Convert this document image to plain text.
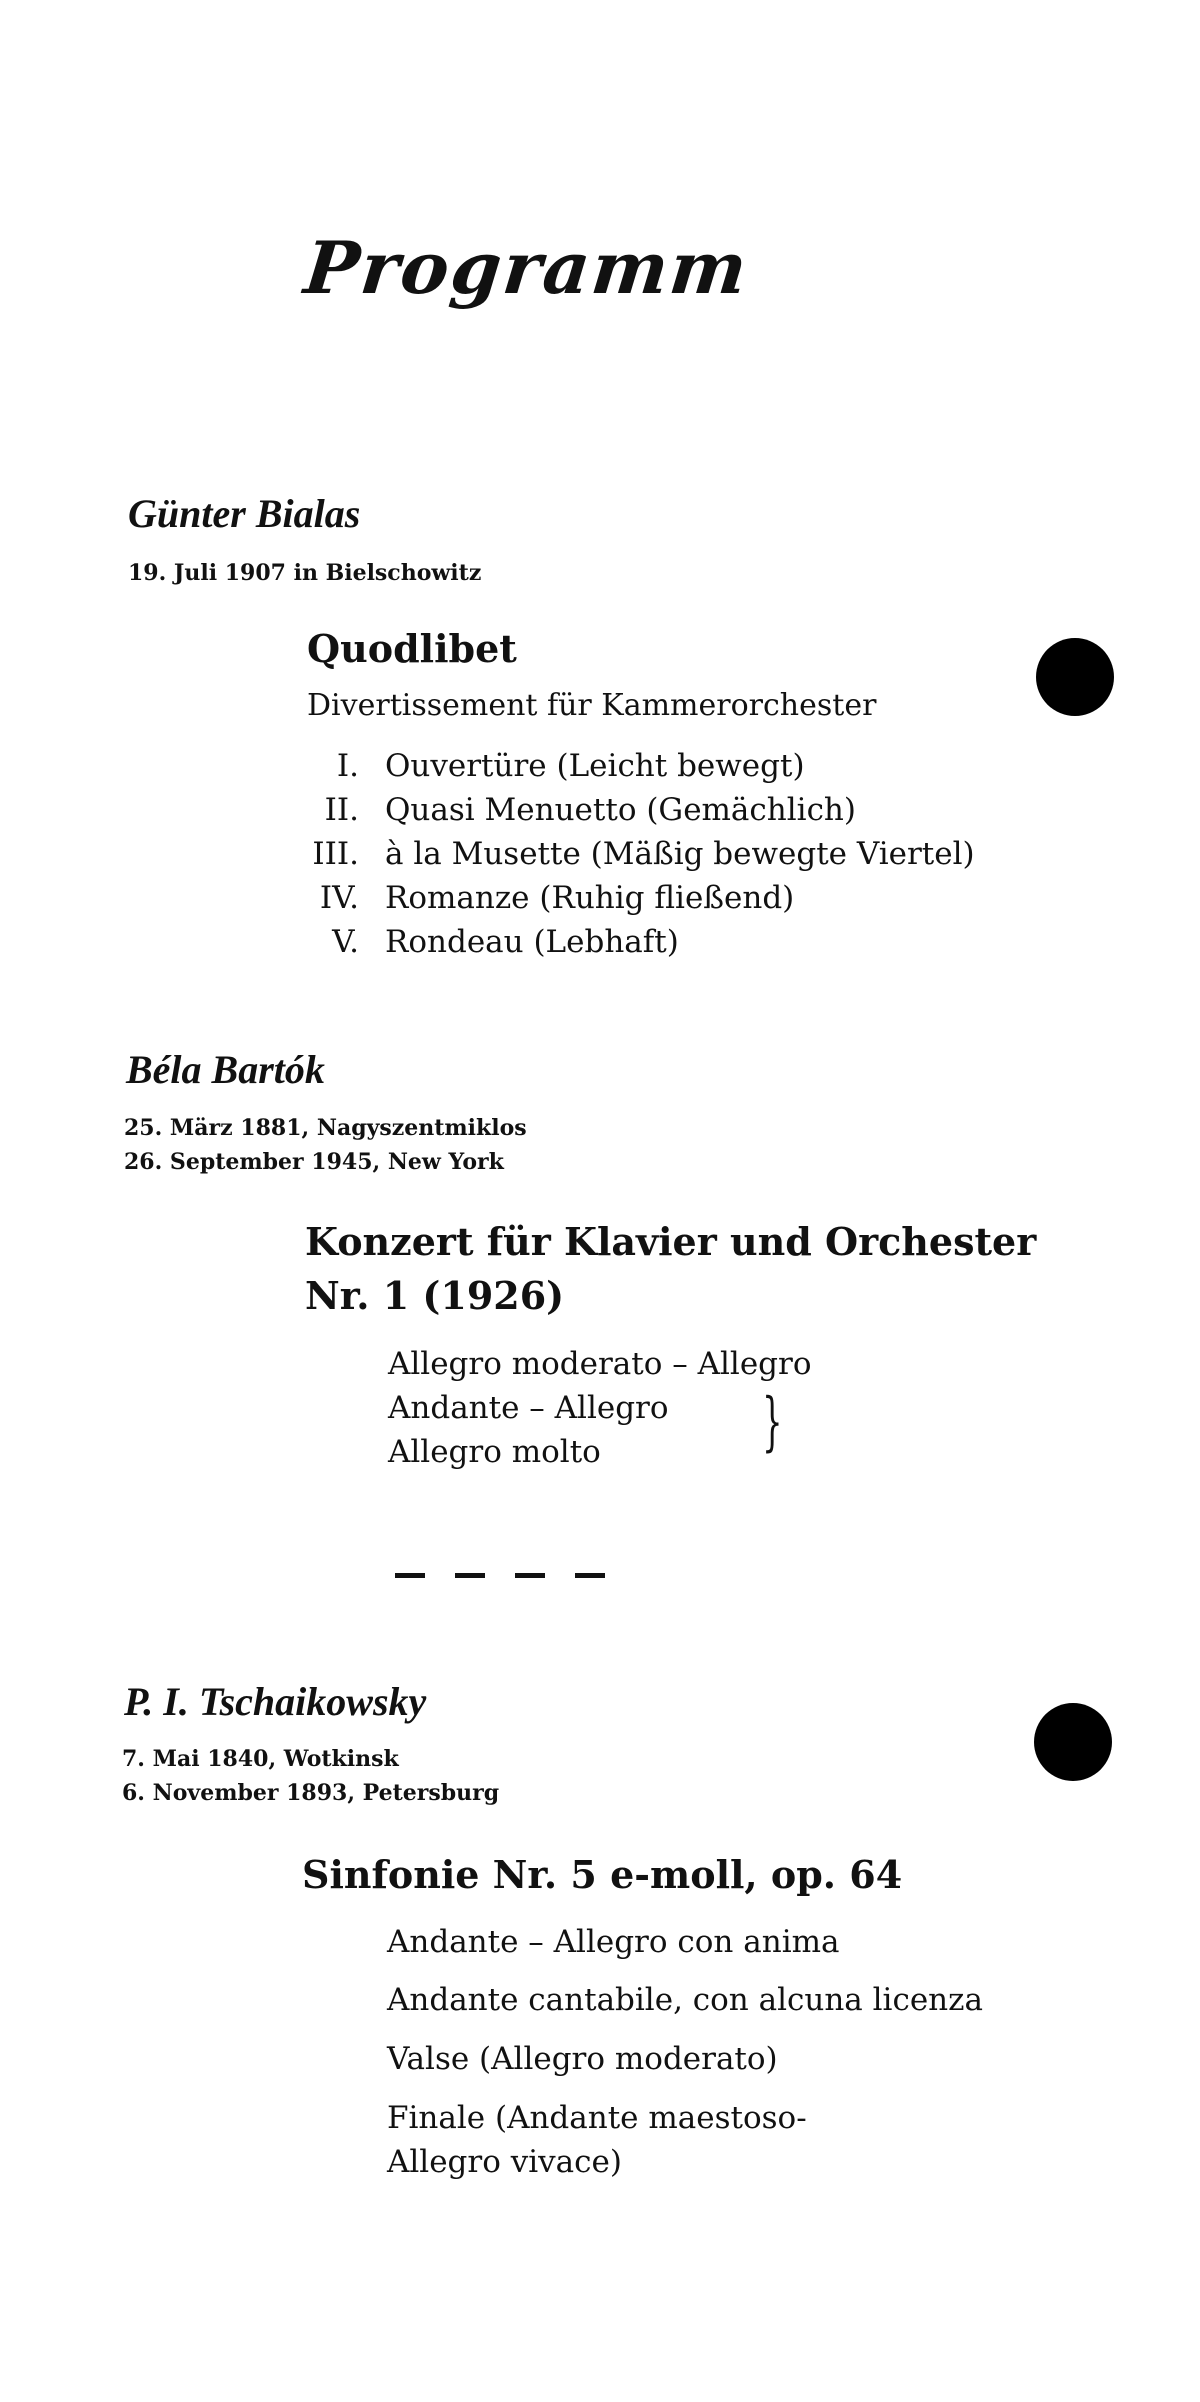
Programm
Günter Bialas
19. Juli 1907 in Bielschowitz
Quodlibet
Divertissement für Kammerorchester
I. Ouvertüre (Leicht bewegt)
II. Quasi Menuetto (Gemächlich)
III. à la Musette (Mäßig bewegte Viertel)
IV. Romanze (Ruhig fließend)
V. Rondeau (Lebhaft)
Béla Bartók
25. März 1881, Nagyszentmiklos
26. September 1945, New York
Konzert für Klavier und Orchester
Nr. 1 (1926)
Allegro moderato – Allegro
Andante – Allegro
Allegro molto	}
P. I. Tschaikowsky
7. Mai 1840, Wotkinsk
6. November 1893, Petersburg
Sinfonie Nr. 5 e-moll, op. 64
Andante – Allegro con anima
Andante cantabile, con alcuna licenza
Valse (Allegro moderato)
Finale (Andante maestoso-
Allegro vivace)
